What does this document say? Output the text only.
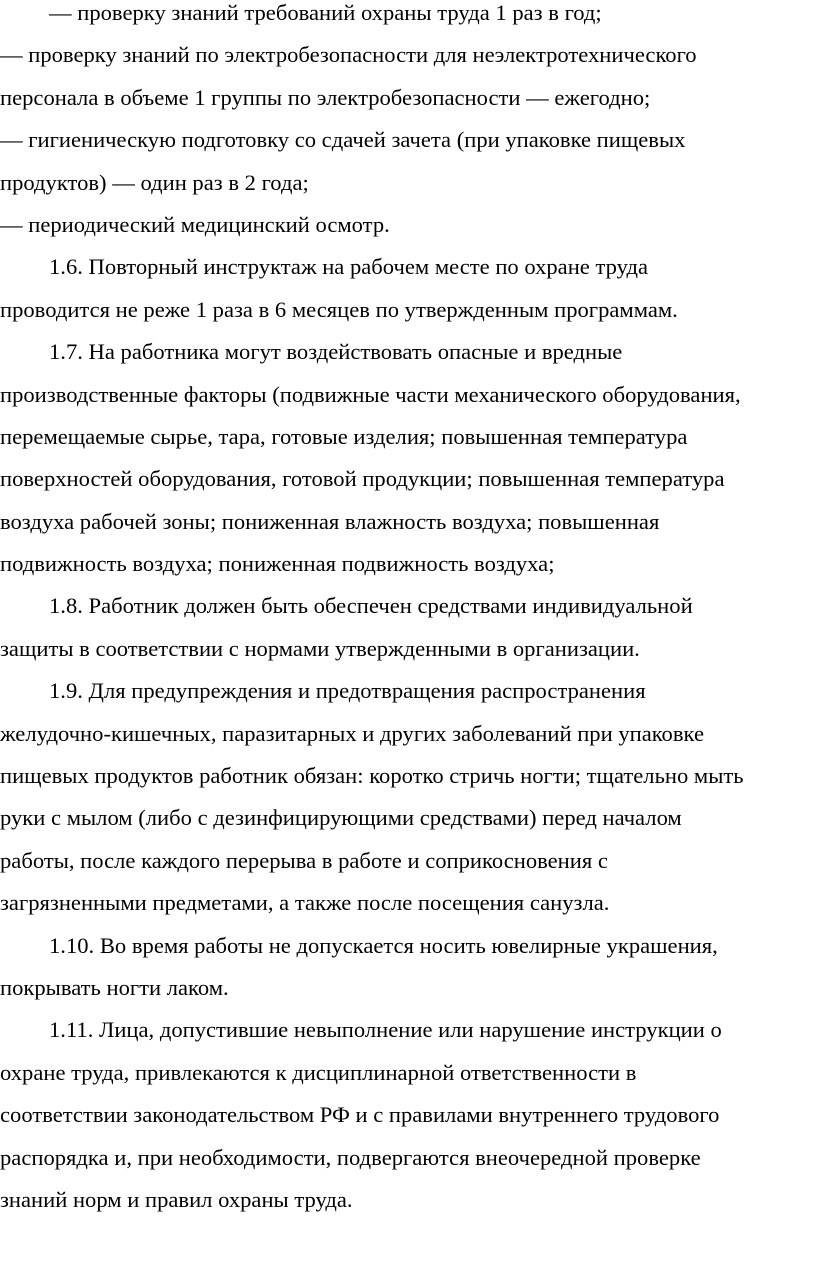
— проверку знаний требований охраны труда 1 раз в год;
— проверку знаний по электробезопасности для неэлектротехнического
персонала в объеме 1 группы по электробезопасности — ежегодно;
— гигиеническую подготовку со сдачей зачета (при упаковке пищевых
продуктов) — один раз в 2 года;
— периодический медицинский осмотр.
1.6. Повторный инструктаж на рабочем месте по охране труда
проводится не реже 1 раза в 6 месяцев по утвержденным программам.
1.7. На работника могут воздействовать опасные и вредные
производственные факторы (подвижные части механического оборудования,
перемещаемые сырье, тара, готовые изделия; повышенная температура
поверхностей оборудования, готовой продукции; повышенная температура
воздуха рабочей зоны; пониженная влажность воздуха; повышенная
подвижность воздуха; пониженная подвижность воздуха;
1.8. Работник должен быть обеспечен средствами индивидуальной
защиты в соответствии с нормами утвержденными в организации.
1.9. Для предупреждения и предотвращения распространения
желудочно-кишечных, паразитарных и других заболеваний при упаковке
пищевых продуктов работник обязан: коротко стричь ногти; тщательно мыть
руки с мылом (либо с дезинфицирующими средствами) перед началом
работы, после каждого перерыва в работе и соприкосновения с
загрязненными предметами, а также после посещения санузла.
1.10. Во время работы не допускается носить ювелирные украшения,
покрывать ногти лаком.
1.11. Лица, допустившие невыполнение или нарушение инструкции о
охране труда, привлекаются к дисциплинарной ответственности в
соответствии законодательством РФ и с правилами внутреннего трудового
распорядка и, при необходимости, подвергаются внеочередной проверке
знаний норм и правил охраны труда.
